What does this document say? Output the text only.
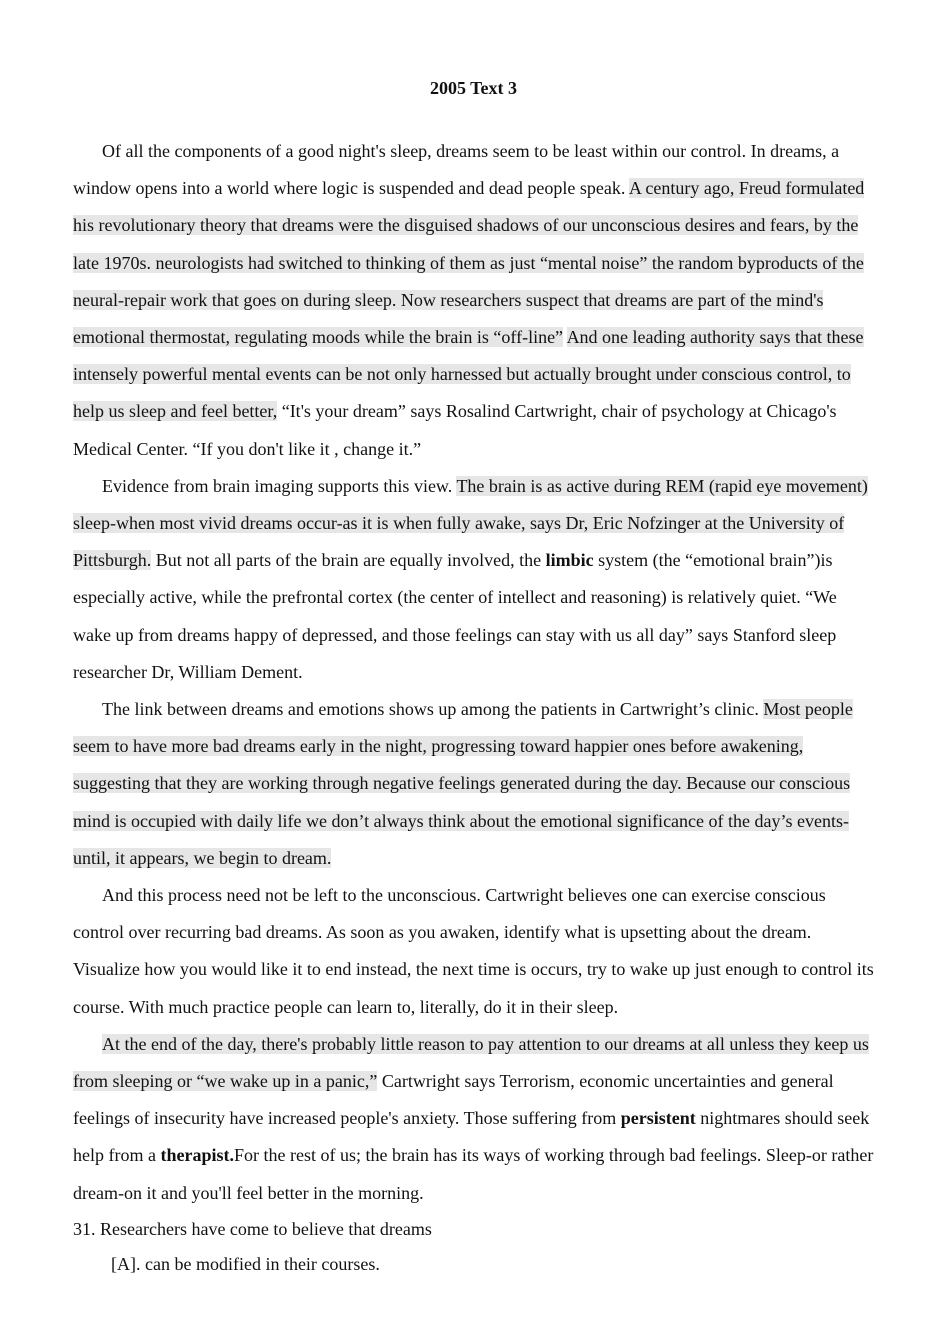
2005 Text 3

Of all the components of a good night's sleep, dreams seem to be least within our control. In dreams, a window opens into a world where logic is suspended and dead people speak. A century ago, Freud formulated his revolutionary theory that dreams were the disguised shadows of our unconscious desires and fears, by the late 1970s. neurologists had switched to thinking of them as just “mental noise” the random byproducts of the neural-repair work that goes on during sleep. Now researchers suspect that dreams are part of the mind's emotional thermostat, regulating moods while the brain is “off-line” And one leading authority says that these intensely powerful mental events can be not only harnessed but actually brought under conscious control, to help us sleep and feel better, “It's your dream” says Rosalind Cartwright, chair of psychology at Chicago's Medical Center. “If you don't like it , change it.”

Evidence from brain imaging supports this view. The brain is as active during REM (rapid eye movement) sleep-when most vivid dreams occur-as it is when fully awake, says Dr, Eric Nofzinger at the University of Pittsburgh. But not all parts of the brain are equally involved, the limbic system (the “emotional brain”)is especially active, while the prefrontal cortex (the center of intellect and reasoning) is relatively quiet. “We wake up from dreams happy of depressed, and those feelings can stay with us all day” says Stanford sleep researcher Dr, William Dement.

The link between dreams and emotions shows up among the patients in Cartwright’s clinic. Most people seem to have more bad dreams early in the night, progressing toward happier ones before awakening, suggesting that they are working through negative feelings generated during the day. Because our conscious mind is occupied with daily life we don’t always think about the emotional significance of the day’s events-until, it appears, we begin to dream.

And this process need not be left to the unconscious. Cartwright believes one can exercise conscious control over recurring bad dreams. As soon as you awaken, identify what is upsetting about the dream. Visualize how you would like it to end instead, the next time is occurs, try to wake up just enough to control its course. With much practice people can learn to, literally, do it in their sleep.

At the end of the day, there's probably little reason to pay attention to our dreams at all unless they keep us from sleeping or “we wake up in a panic,” Cartwright says Terrorism, economic uncertainties and general feelings of insecurity have increased people's anxiety. Those suffering from persistent nightmares should seek help from a therapist.For the rest of us; the brain has its ways of working through bad feelings. Sleep-or rather dream-on it and you'll feel better in the morning.

31. Researchers have come to believe that dreams

[A]. can be modified in their courses.
